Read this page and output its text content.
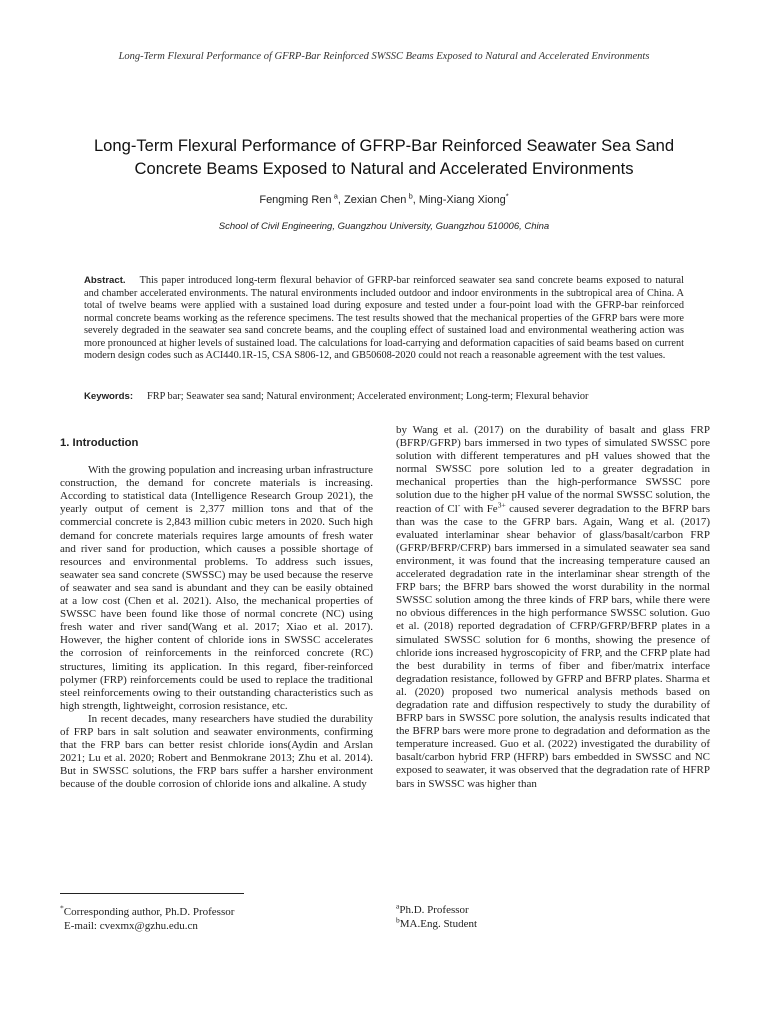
Long-Term Flexural Performance of GFRP-Bar Reinforced SWSSC Beams Exposed to Natural and Accelerated Environments
Long-Term Flexural Performance of GFRP-Bar Reinforced Seawater Sea Sand Concrete Beams Exposed to Natural and Accelerated Environments
Fengming Ren  $^a$, Zexian Chen  $^b$, Ming-Xiang Xiong*
School of Civil Engineering, Guangzhou University, Guangzhou 510006, China
Abstract. This paper introduced long-term flexural behavior of GFRP-bar reinforced seawater sea sand concrete beams exposed to natural and chamber accelerated environments. The natural environments included outdoor and indoor environments in the subtropical area of China. A total of twelve beams were applied with a sustained load during exposure and tested under a four-point load with the GFRP-bar reinforced normal concrete beams working as the reference specimens. The test results showed that the mechanical properties of the GFRP bars were more severely degraded in the seawater sea sand concrete beams, and the coupling effect of sustained load and environmental weathering action was more pronounced at higher levels of sustained load. The calculations for load-carrying and deformation capacities of said beams based on current modern design codes such as ACI440.1R-15, CSA S806-12, and GB50608-2020 could not reach a reasonable agreement with the test values.
Keywords: FRP bar; Seawater sea sand; Natural environment; Accelerated environment; Long-term; Flexural behavior
1. Introduction

With the growing population and increasing urban infrastructure construction, the demand for concrete materials is increasing. According to statistical data (Intelligence Research Group 2021), the yearly output of cement is 2,377 million tons and that of the commercial concrete is 2,843 million cubic meters in 2020. Such high demand for concrete materials requires large amounts of fresh water and river sand for production, which causes a possible shortage of resources and environmental problems. To address such issues, seawater sea sand concrete (SWSSC) may be used because the reserve of seawater and sea sand is abundant and they can be easily obtained at a low cost (Chen et al. 2021). Also, the mechanical properties of SWSSC have been found like those of normal concrete (NC) using fresh water and river sand(Wang et al. 2017; Xiao et al. 2017). However, the higher content of chloride ions in SWSSC accelerates the corrosion of reinforcements in the reinforced concrete (RC) structures, limiting its application. In this regard, fiber-reinforced polymer (FRP) reinforcements could be used to replace the traditional steel reinforcements owing to their outstanding characteristics such as high strength, lightweight, corrosion resistance, etc.

In recent decades, many researchers have studied the durability of FRP bars in salt solution and seawater environments, confirming that the FRP bars can better resist chloride ions(Aydin and Arslan 2021; Lu et al. 2020; Robert and Benmokrane 2013; Zhu et al. 2014). But in SWSSC solutions, the FRP bars suffer a harsher environment because of the double corrosion of chloride ions and alkaline. A study

by Wang et al. (2017) on the durability of basalt and glass FRP (BFRP/GFRP) bars immersed in two types of simulated SWSSC pore solution with different temperatures and pH values showed that the normal SWSSC pore solution led to a greater degradation in mechanical properties than the high-performance SWSSC pore solution due to the higher pH value of the normal SWSSC solution, the reaction of Cl- with $Fe^{3+}$ caused severer degradation to the BFRP bars than was the case to the GFRP bars. Again, Wang et al. (2017) evaluated interlaminar shear behavior of glass/basalt/carbon FRP (GFRP/BFRP/CFRP) bars immersed in a simulated seawater sea sand environment, it was found that the increasing temperature caused an accelerated degradation rate in the interlaminar shear strength of the FRP bars; the BFRP bars showed the worst durability in the normal SWSSC solution among the three kinds of FRP bars, while there were no obvious differences in the high performance SWSSC solution. Guo et al. (2018) reported degradation of CFRP/GFRP/BFRP plates in a simulated SWSSC solution for 6 months, showing the presence of chloride ions increased hygroscopicity of FRP, and the CFRP plate had the best durability in terms of fiber and fiber/matrix interface degradation resistance, followed by GFRP and BFRP plates. Sharma et al. (2020) proposed two numerical analysis methods based on degradation rate and diffusion respectively to study the durability of BFRP bars in SWSSC pore solution, the analysis results indicated that the BFRP bars were more prone to degradation and deformation as the temperature increased. Guo et al. (2022) investigated the durability of basalt/carbon hybrid FRP (HFRP) bars embedded in SWSSC and NC exposed to seawater, it was observed that the degradation rate of HFRP bars in SWSSC was higher than

*Corresponding author, Ph.D. Professor
E-mail: cvexmx@gzhu.edu.cn
$^a$Ph.D. Professor
$^b$MA.Eng. Student
